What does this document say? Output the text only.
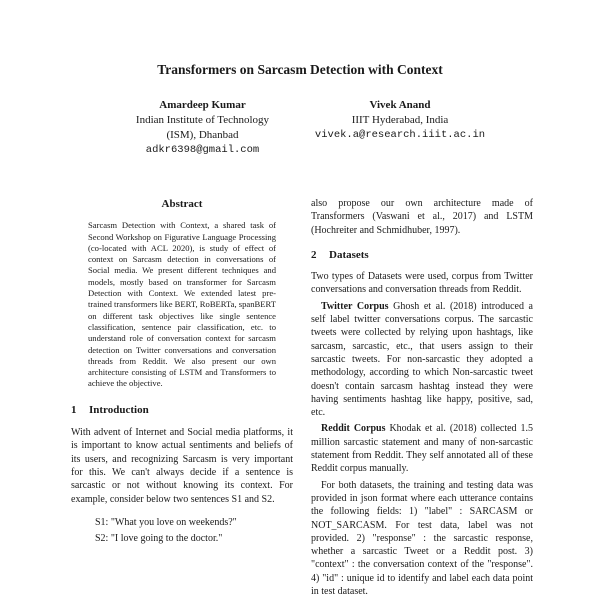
Transformers on Sarcasm Detection with Context
Amardeep Kumar
Indian Institute of Technology
(ISM), Dhanbad
adkr6398@gmail.com
Vivek Anand
IIIT Hyderabad, India
vivek.a@research.iiit.ac.in
Abstract

Sarcasm Detection with Context, a shared task of Second Workshop on Figurative Language Processing (co-located with ACL 2020), is study of effect of context on Sarcasm detection in conversations of Social media. We present different techniques and models, mostly based on transformer for Sarcasm Detection with Context. We extended latest pre-trained transformers like BERT, RoBERTa, spanBERT on different task objectives like single sentence classification, sentence pair classification, etc. to understand role of conversation context for sarcasm detection on Twitter conversations and conversation threads from Reddit. We also present our own architecture consisting of LSTM and Transformers to achieve the objective.

1 Introduction

With advent of Internet and Social media platforms, it is important to know actual sentiments and beliefs of its users, and recognizing Sarcasm is very important for this. We can't always decide if a sentence is sarcastic or not without knowing its context. For example, consider below two sentences S1 and S2.

S1: "What you love on weekends?"
S2: "I love going to the doctor."

also propose our own architecture made of Transformers (Vaswani et al., 2017) and LSTM (Hochreiter and Schmidhuber, 1997).

2 Datasets

Two types of Datasets were used, corpus from Twitter conversations and conversation threads from Reddit.

Twitter Corpus Ghosh et al. (2018) introduced a self label twitter conversations corpus. The sarcastic tweets were collected by relying upon hashtags, like sarcasm, sarcastic, etc., that users assign to their sarcastic tweets. For non-sarcastic they adopted a methodology, according to which Non-sarcastic tweet doesn't contain sarcasm hashtag instead they were having sentiments hashtag like happy, positive, sad, etc.

Reddit Corpus Khodak et al. (2018) collected 1.5 million sarcastic statement and many of non-sarcastic statement from Reddit. They self annotated all of these Reddit corpus manually.

For both datasets, the training and testing data was provided in json format where each utterance contains the following fields: 1) "label" : SARCASM or NOT_SARCASM. For test data, label was not provided. 2) "response" : the sarcastic response, whether a sarcastic Tweet or a Reddit post. 3) "context" : the conversation context of the "response". 4) "id" : unique id to identify and label each data point in test dataset.
